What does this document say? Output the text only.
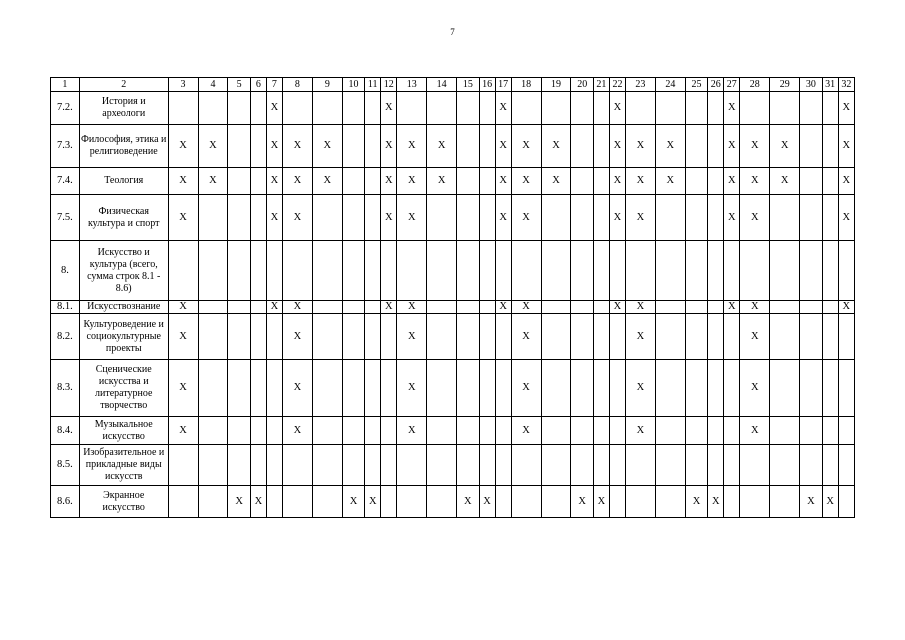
7
1	2	3	4	5	6	7	8	9	10	11	12	13	14	15	16	17	18	19	20	21	22	23	24	25	26	27	28	29	30	31	32
7.2.	История и археологи					X					X					X					X					X					X
7.3.	Философия, этика и религиоведение	X	X			X	X	X			X	X	X			X	X	X			X	X	X			X	X	X			X
7.4.	Теология	X	X			X	X	X			X	X	X			X	X	X			X	X	X			X	X	X			X
7.5.	Физическая культура и спорт	X				X	X				X	X				X	X				X	X				X	X				X
8.	Искусство и культура (всего, сумма строк 8.1 - 8.6)																														
8.1.	Искусствознание	X				X	X				X	X				X	X				X	X				X	X				X
8.2.	Культуроведение и социокультурные проекты	X					X					X					X					X					X				
8.3.	Сценические искусства и литературное творчество	X					X					X					X					X					X				
8.4.	Музыкальное искусство	X					X					X					X					X					X				
8.5.	Изобразительное и прикладные виды искусств																														
8.6.	Экранное искусство			X	X				X	X				X	X				X	X				X	X				X	X	
